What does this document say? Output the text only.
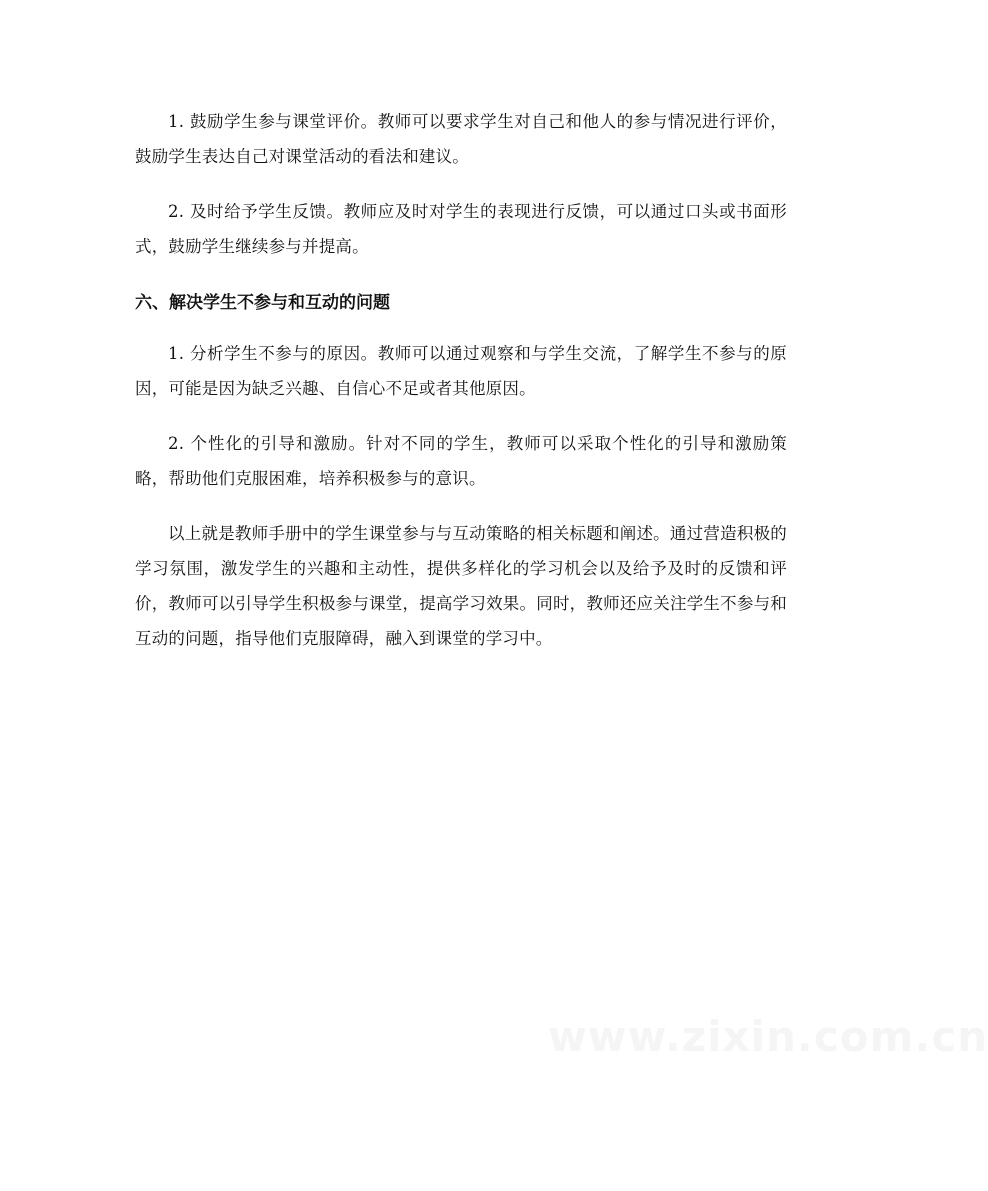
1. 鼓励学生参与课堂评价。教师可以要求学生对自己和他人的参与情况进行评价，鼓励学生表达自己对课堂活动的看法和建议。

2. 及时给予学生反馈。教师应及时对学生的表现进行反馈，可以通过口头或书面形式，鼓励学生继续参与并提高。

六、解决学生不参与和互动的问题

1. 分析学生不参与的原因。教师可以通过观察和与学生交流，了解学生不参与的原因，可能是因为缺乏兴趣、自信心不足或者其他原因。

2. 个性化的引导和激励。针对不同的学生，教师可以采取个性化的引导和激励策略，帮助他们克服困难，培养积极参与的意识。

以上就是教师手册中的学生课堂参与与互动策略的相关标题和阐述。通过营造积极的学习氛围，激发学生的兴趣和主动性，提供多样化的学习机会以及给予及时的反馈和评价，教师可以引导学生积极参与课堂，提高学习效果。同时，教师还应关注学生不参与和互动的问题，指导他们克服障碍，融入到课堂的学习中。

www.zixin.com.cn
